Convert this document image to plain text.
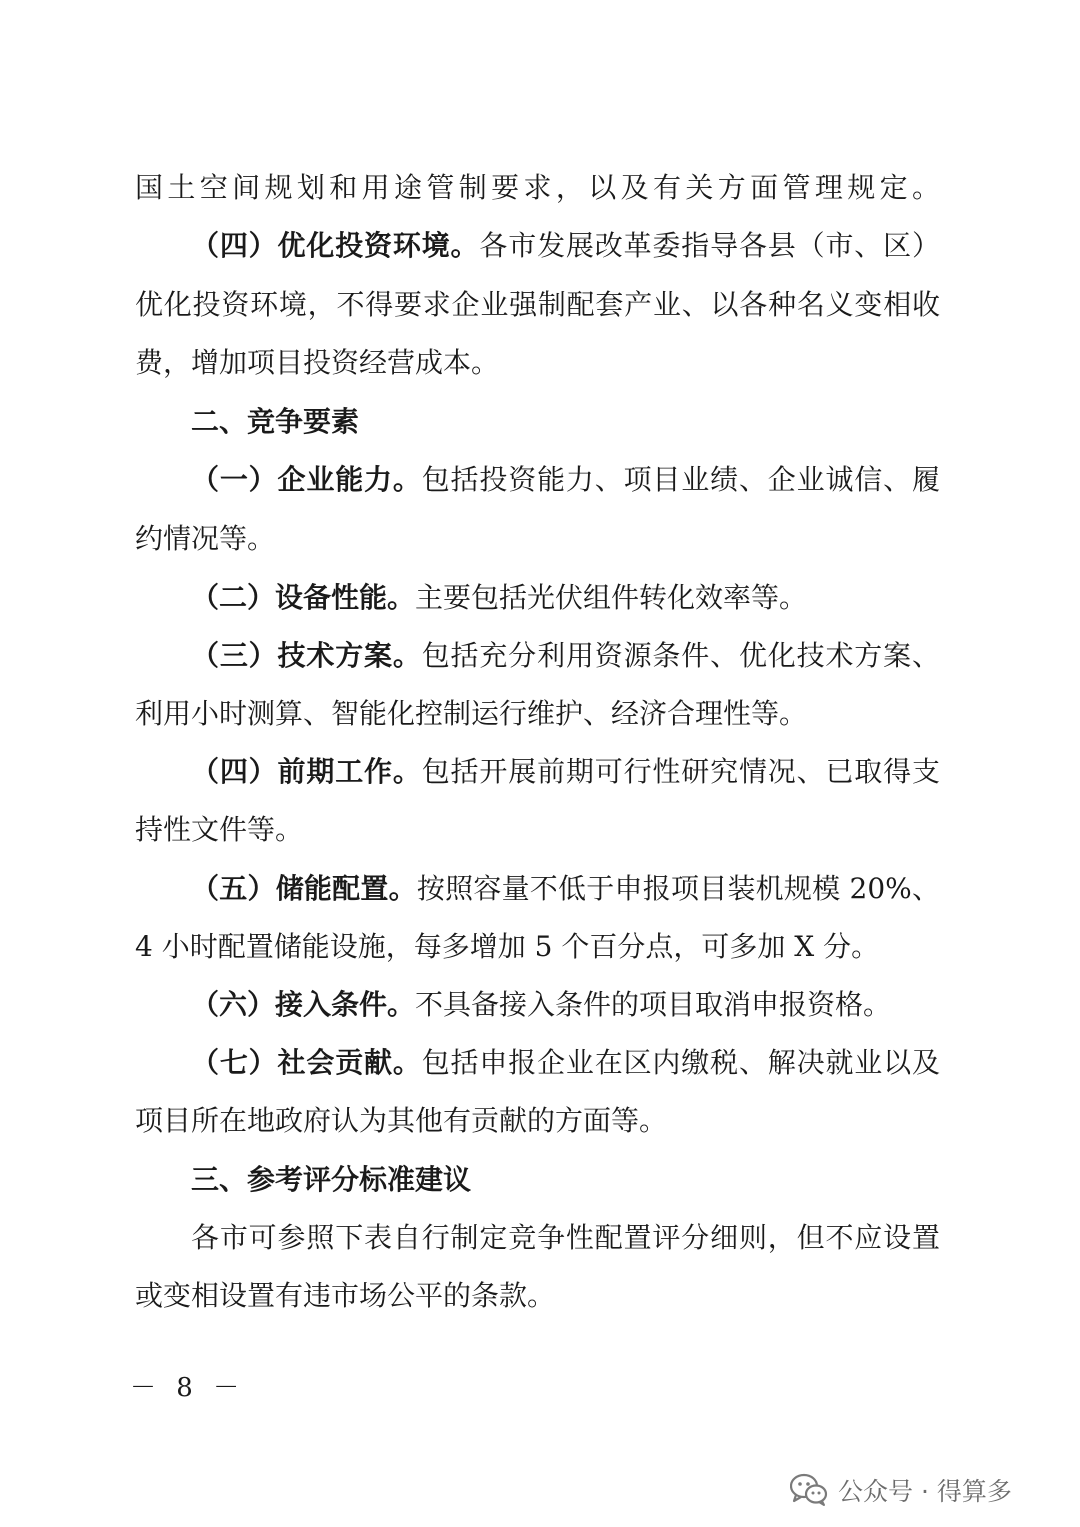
国土空间规划和用途管制要求，以及有关方面管理规定。
（四）优化投资环境。各市发展改革委指导各县（市、区）
优化投资环境，不得要求企业强制配套产业、以各种名义变相收
费，增加项目投资经营成本。
二、竞争要素
（一）企业能力。包括投资能力、项目业绩、企业诚信、履
约情况等。
（二）设备性能。主要包括光伏组件转化效率等。
（三）技术方案。包括充分利用资源条件、优化技术方案、
利用小时测算、智能化控制运行维护、经济合理性等。
（四）前期工作。包括开展前期可行性研究情况、已取得支
持性文件等。
（五）储能配置。按照容量不低于申报项目装机规模 20%、
4 小时配置储能设施，每多增加 5 个百分点，可多加 X 分。
（六）接入条件。不具备接入条件的项目取消申报资格。
（七）社会贡献。包括申报企业在区内缴税、解决就业以及
项目所在地政府认为其他有贡献的方面等。
三、参考评分标准建议
各市可参照下表自行制定竞争性配置评分细则，但不应设置
或变相设置有违市场公平的条款。
－ 8 －
公众号 · 得算多
